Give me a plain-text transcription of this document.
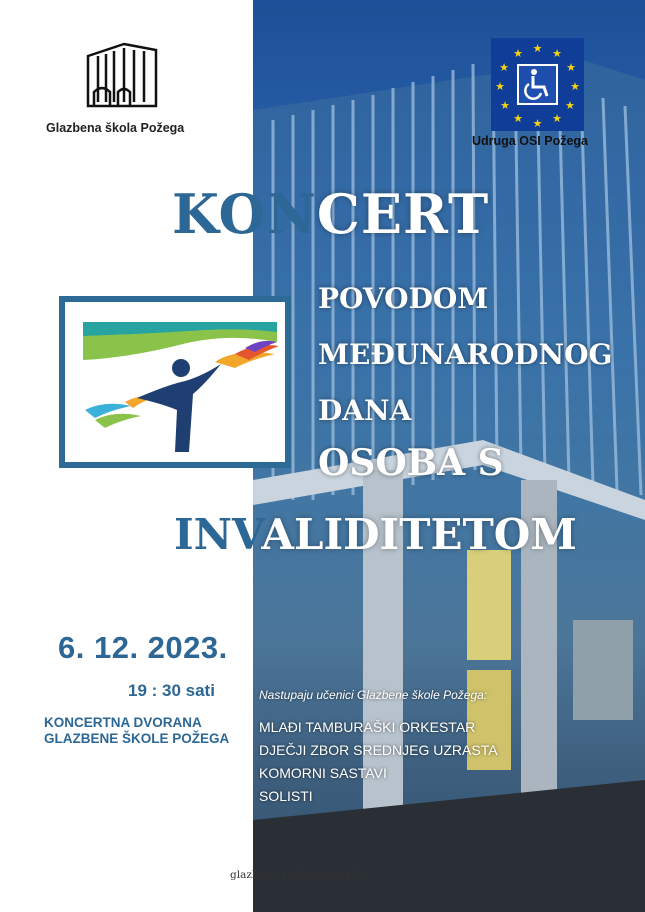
Glazbena škola Požega
★ ★
★
★
★
★
★
★
★
★
★
★
Udruga OSI Požega
KONCERT
POVODOM
MEĐUNARODNOG
DANA
OSOBA S
INVALIDITETOM
6. 12. 2023.
19 : 30 sati
KONCERTNA DVORANA
GLAZBENE ŠKOLE POŽEGA
Nastupaju učenici Glazbene škole Požega:
MLAĐI TAMBURAŠKI ORKESTAR
DJEČJI ZBOR SREDNJEG UZRASTA
KOMORNI SASTAVI
SOLISTI
glazbena-skola-pozega.hr
